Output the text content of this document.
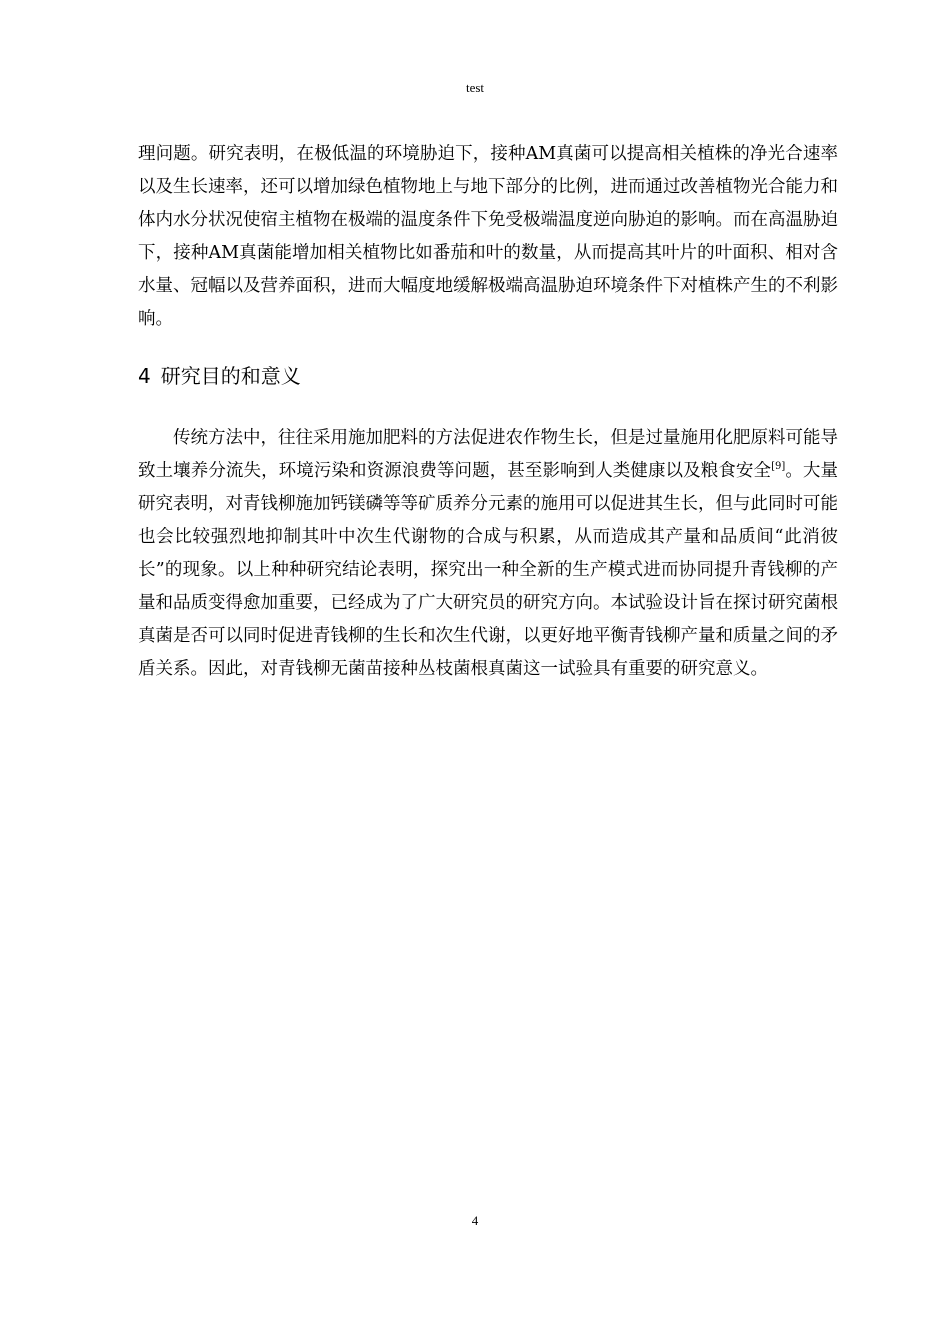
test

理问题。研究表明，在极低温的环境胁迫下，接种AM真菌可以提高相关植株的净光合速率以及生长速率，还可以增加绿色植物地上与地下部分的比例，进而通过改善植物光合能力和体内水分状况使宿主植物在极端的温度条件下免受极端温度逆向胁迫的影响。而在高温胁迫下，接种AM真菌能增加相关植物比如番茄和叶的数量，从而提高其叶片的叶面积、相对含水量、冠幅以及营养面积，进而大幅度地缓解极端高温胁迫环境条件下对植株产生的不利影响。

4 研究目的和意义

传统方法中，往往采用施加肥料的方法促进农作物生长，但是过量施用化肥原料可能导致土壤养分流失，环境污染和资源浪费等问题，甚至影响到人类健康以及粮食安全[9]。大量研究表明，对青钱柳施加钙镁磷等等矿质养分元素的施用可以促进其生长，但与此同时可能也会比较强烈地抑制其叶中次生代谢物的合成与积累，从而造成其产量和品质间“此消彼长”的现象。以上种种研究结论表明，探究出一种全新的生产模式进而协同提升青钱柳的产量和品质变得愈加重要，已经成为了广大研究员的研究方向。本试验设计旨在探讨研究菌根真菌是否可以同时促进青钱柳的生长和次生代谢，以更好地平衡青钱柳产量和质量之间的矛盾关系。因此，对青钱柳无菌苗接种丛枝菌根真菌这一试验具有重要的研究意义。

4
